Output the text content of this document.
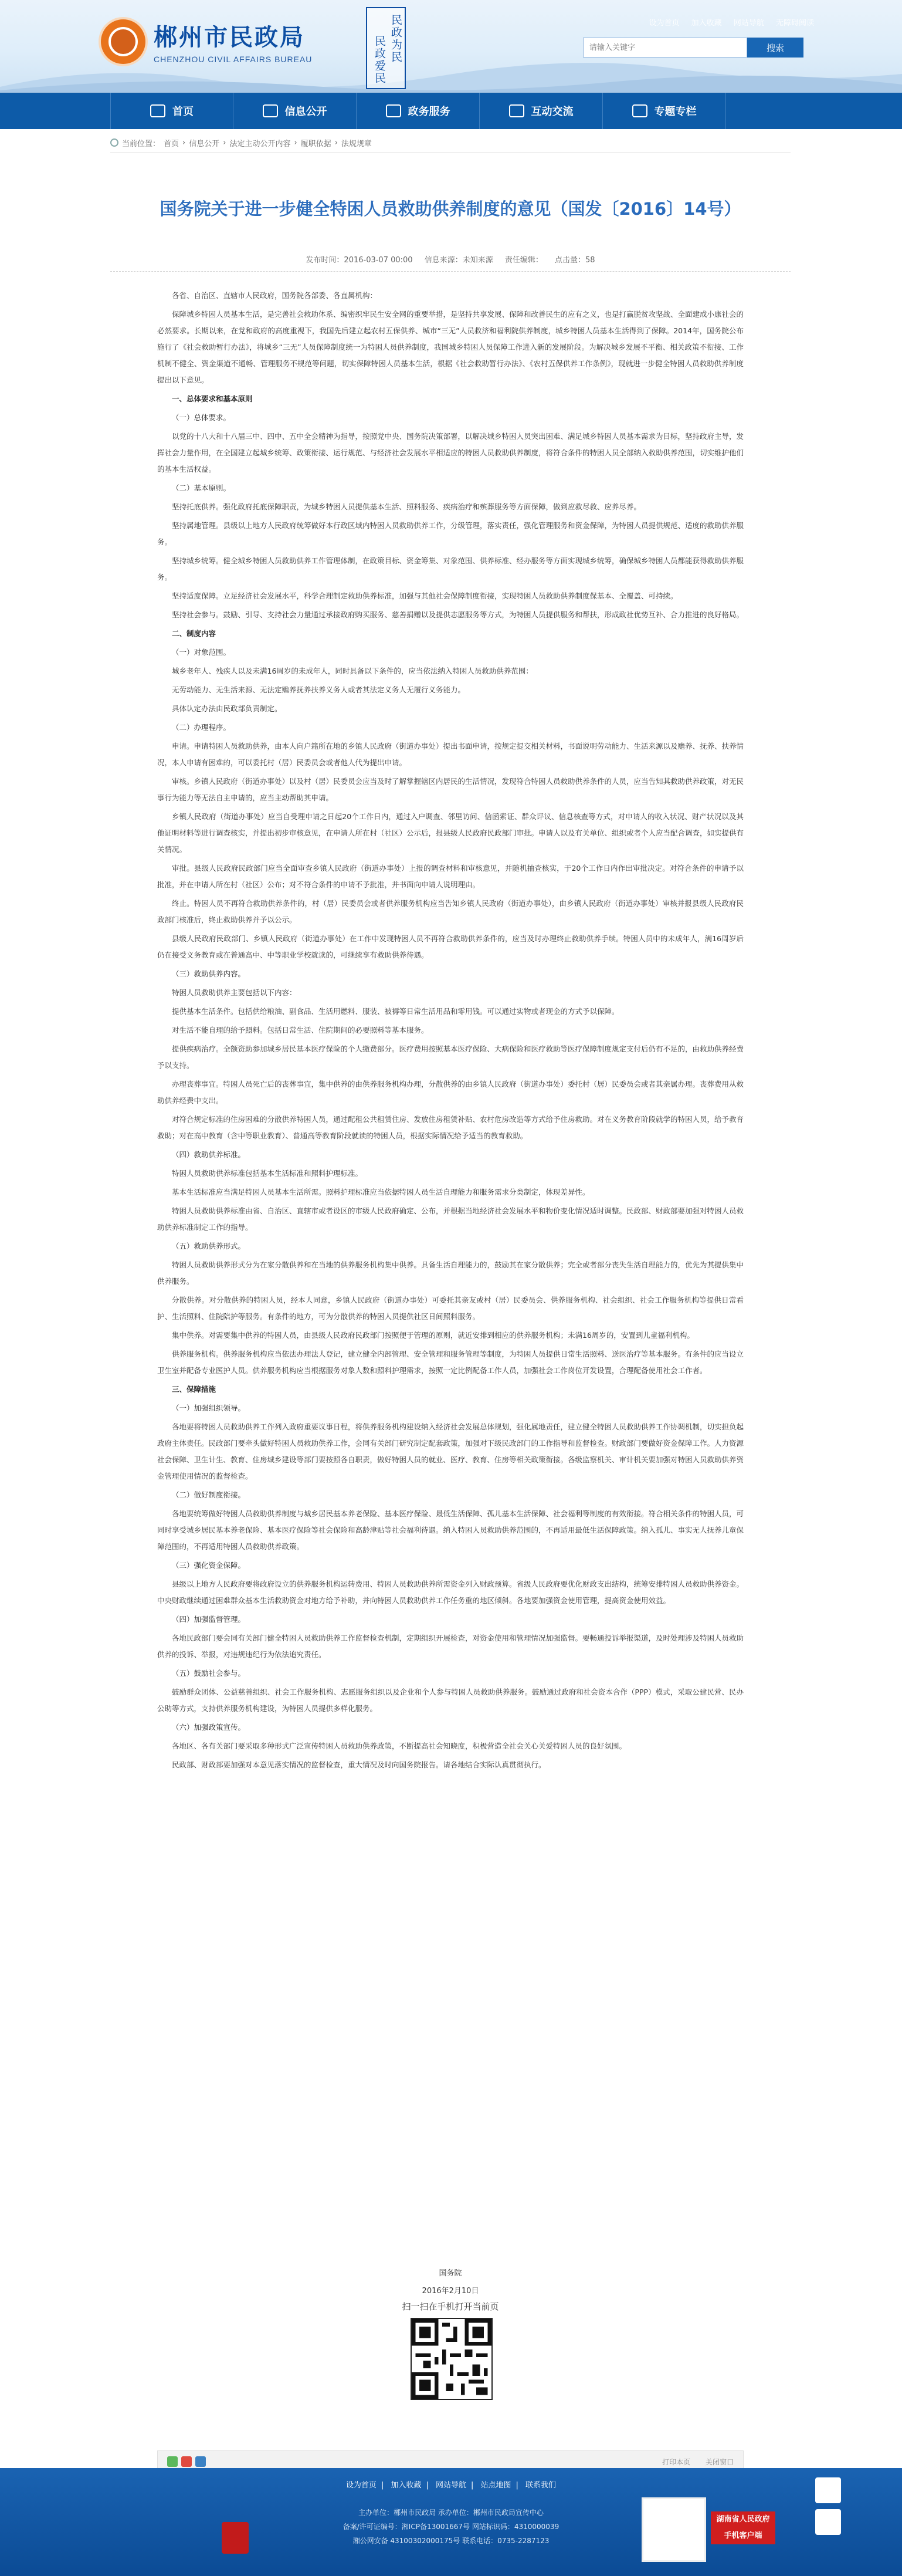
郴州市民政局
CHENZHOU CIVIL AFFAIRS BUREAU	民政为民
民政爱民
设为首页 加入收藏 网站导航 无障碍阅读
请输入关键字
搜索
首页	信息公开	政务服务	互动交流	专题专栏
当前位置： 首页 › 信息公开 › 法定主动公开内容 › 履职依据 › 法规规章
国务院关于进一步健全特困人员救助供养制度的意见（国发〔2016〕14号）
发布时间：2016-03-07 00:00 信息来源：未知来源 责任编辑： 点击量：58

各省、自治区、直辖市人民政府，国务院各部委、各直属机构：

保障城乡特困人员基本生活，是完善社会救助体系、编密织牢民生安全网的重要举措，是坚持共享发展、保障和改善民生的应有之义，也是打赢脱贫攻坚战、全面建成小康社会的必然要求。长期以来，在党和政府的高度重视下，我国先后建立起农村五保供养、城市“三无”人员救济和福利院供养制度，城乡特困人员基本生活得到了保障。2014年，国务院公布施行了《社会救助暂行办法》，将城乡“三无”人员保障制度统一为特困人员供养制度，我国城乡特困人员保障工作进入新的发展阶段。为解决城乡发展不平衡、相关政策不衔接、工作机制不健全、资金渠道不通畅、管理服务不规范等问题，切实保障特困人员基本生活，根据《社会救助暂行办法》、《农村五保供养工作条例》，现就进一步健全特困人员救助供养制度提出以下意见。

一、总体要求和基本原则

（一）总体要求。

以党的十八大和十八届三中、四中、五中全会精神为指导，按照党中央、国务院决策部署，以解决城乡特困人员突出困难、满足城乡特困人员基本需求为目标，坚持政府主导，发挥社会力量作用，在全国建立起城乡统筹、政策衔接、运行规范、与经济社会发展水平相适应的特困人员救助供养制度，将符合条件的特困人员全部纳入救助供养范围，切实维护他们的基本生活权益。

（二）基本原则。

坚持托底供养。强化政府托底保障职责，为城乡特困人员提供基本生活、照料服务、疾病治疗和殡葬服务等方面保障，做到应救尽救、应养尽养。

坚持属地管理。县级以上地方人民政府统筹做好本行政区域内特困人员救助供养工作，分级管理，落实责任，强化管理服务和资金保障，为特困人员提供规范、适度的救助供养服务。

坚持城乡统筹。健全城乡特困人员救助供养工作管理体制，在政策目标、资金筹集、对象范围、供养标准、经办服务等方面实现城乡统筹，确保城乡特困人员都能获得救助供养服务。

坚持适度保障。立足经济社会发展水平，科学合理制定救助供养标准，加强与其他社会保障制度衔接，实现特困人员救助供养制度保基本、全覆盖、可持续。

坚持社会参与。鼓励、引导、支持社会力量通过承接政府购买服务、慈善捐赠以及提供志愿服务等方式，为特困人员提供服务和帮扶，形成政社优势互补、合力推进的良好格局。

二、制度内容

（一）对象范围。

城乡老年人、残疾人以及未满16周岁的未成年人，同时具备以下条件的，应当依法纳入特困人员救助供养范围：

无劳动能力、无生活来源、无法定赡养抚养扶养义务人或者其法定义务人无履行义务能力。

具体认定办法由民政部负责制定。

（二）办理程序。

申请。申请特困人员救助供养，由本人向户籍所在地的乡镇人民政府（街道办事处）提出书面申请，按规定提交相关材料，书面说明劳动能力、生活来源以及赡养、抚养、扶养情况，本人申请有困难的，可以委托村（居）民委员会或者他人代为提出申请。

审核。乡镇人民政府（街道办事处）以及村（居）民委员会应当及时了解掌握辖区内居民的生活情况，发现符合特困人员救助供养条件的人员，应当告知其救助供养政策，对无民事行为能力等无法自主申请的，应当主动帮助其申请。

乡镇人民政府（街道办事处）应当自受理申请之日起20个工作日内，通过入户调查、邻里访问、信函索证、群众评议、信息核查等方式，对申请人的收入状况、财产状况以及其他证明材料等进行调查核实，并提出初步审核意见，在申请人所在村（社区）公示后，报县级人民政府民政部门审批。申请人以及有关单位、组织或者个人应当配合调查，如实提供有关情况。

审批。县级人民政府民政部门应当全面审查乡镇人民政府（街道办事处）上报的调查材料和审核意见，并随机抽查核实，于20个工作日内作出审批决定。对符合条件的申请予以批准，并在申请人所在村（社区）公布；对不符合条件的申请不予批准，并书面向申请人说明理由。

终止。特困人员不再符合救助供养条件的，村（居）民委员会或者供养服务机构应当告知乡镇人民政府（街道办事处），由乡镇人民政府（街道办事处）审核并报县级人民政府民政部门核准后，终止救助供养并予以公示。

县级人民政府民政部门、乡镇人民政府（街道办事处）在工作中发现特困人员不再符合救助供养条件的，应当及时办理终止救助供养手续。特困人员中的未成年人，满16周岁后仍在接受义务教育或在普通高中、中等职业学校就读的，可继续享有救助供养待遇。

（三）救助供养内容。

特困人员救助供养主要包括以下内容：

提供基本生活条件。包括供给粮油、副食品、生活用燃料、服装、被褥等日常生活用品和零用钱。可以通过实物或者现金的方式予以保障。

对生活不能自理的给予照料。包括日常生活、住院期间的必要照料等基本服务。

提供疾病治疗。全额资助参加城乡居民基本医疗保险的个人缴费部分。医疗费用按照基本医疗保险、大病保险和医疗救助等医疗保障制度规定支付后仍有不足的，由救助供养经费予以支持。

办理丧葬事宜。特困人员死亡后的丧葬事宜，集中供养的由供养服务机构办理，分散供养的由乡镇人民政府（街道办事处）委托村（居）民委员会或者其亲属办理。丧葬费用从救助供养经费中支出。

对符合规定标准的住房困难的分散供养特困人员，通过配租公共租赁住房、发放住房租赁补贴、农村危房改造等方式给予住房救助。对在义务教育阶段就学的特困人员，给予教育救助；对在高中教育（含中等职业教育）、普通高等教育阶段就读的特困人员，根据实际情况给予适当的教育救助。

（四）救助供养标准。

特困人员救助供养标准包括基本生活标准和照料护理标准。

基本生活标准应当满足特困人员基本生活所需。照料护理标准应当依据特困人员生活自理能力和服务需求分类制定，体现差异性。

特困人员救助供养标准由省、自治区、直辖市或者设区的市级人民政府确定、公布，并根据当地经济社会发展水平和物价变化情况适时调整。民政部、财政部要加强对特困人员救助供养标准制定工作的指导。

（五）救助供养形式。

特困人员救助供养形式分为在家分散供养和在当地的供养服务机构集中供养。具备生活自理能力的，鼓励其在家分散供养；完全或者部分丧失生活自理能力的，优先为其提供集中供养服务。

分散供养。对分散供养的特困人员，经本人同意，乡镇人民政府（街道办事处）可委托其亲友或村（居）民委员会、供养服务机构、社会组织、社会工作服务机构等提供日常看护、生活照料、住院陪护等服务。有条件的地方，可为分散供养的特困人员提供社区日间照料服务。

集中供养。对需要集中供养的特困人员，由县级人民政府民政部门按照便于管理的原则，就近安排到相应的供养服务机构；未满16周岁的，安置到儿童福利机构。

供养服务机构。供养服务机构应当依法办理法人登记，建立健全内部管理、安全管理和服务管理等制度，为特困人员提供日常生活照料、送医治疗等基本服务。有条件的应当设立卫生室并配备专业医护人员。供养服务机构应当根据服务对象人数和照料护理需求，按照一定比例配备工作人员，加强社会工作岗位开发设置，合理配备使用社会工作者。

三、保障措施

（一）加强组织领导。

各地要将特困人员救助供养工作列入政府重要议事日程，将供养服务机构建设纳入经济社会发展总体规划，强化属地责任，建立健全特困人员救助供养工作协调机制，切实担负起政府主体责任。民政部门要牵头做好特困人员救助供养工作，会同有关部门研究制定配套政策，加强对下级民政部门的工作指导和监督检查。财政部门要做好资金保障工作。人力资源社会保障、卫生计生、教育、住房城乡建设等部门要按照各自职责，做好特困人员的就业、医疗、教育、住房等相关政策衔接。各级监察机关、审计机关要加强对特困人员救助供养资金管理使用情况的监督检查。

（二）做好制度衔接。

各地要统筹做好特困人员救助供养制度与城乡居民基本养老保险、基本医疗保险、最低生活保障、孤儿基本生活保障、社会福利等制度的有效衔接。符合相关条件的特困人员，可同时享受城乡居民基本养老保险、基本医疗保险等社会保险和高龄津贴等社会福利待遇。纳入特困人员救助供养范围的，不再适用最低生活保障政策。纳入孤儿、事实无人抚养儿童保障范围的，不再适用特困人员救助供养政策。

（三）强化资金保障。

县级以上地方人民政府要将政府设立的供养服务机构运转费用、特困人员救助供养所需资金列入财政预算。省级人民政府要优化财政支出结构，统筹安排特困人员救助供养资金。中央财政继续通过困难群众基本生活救助资金对地方给予补助，并向特困人员救助供养工作任务重的地区倾斜。各地要加强资金使用管理，提高资金使用效益。

（四）加强监督管理。

各地民政部门要会同有关部门健全特困人员救助供养工作监督检查机制，定期组织开展检查，对资金使用和管理情况加强监督。要畅通投诉举报渠道，及时处理涉及特困人员救助供养的投诉、举报，对违规违纪行为依法追究责任。

（五）鼓励社会参与。

鼓励群众团体、公益慈善组织、社会工作服务机构、志愿服务组织以及企业和个人参与特困人员救助供养服务。鼓励通过政府和社会资本合作（PPP）模式，采取公建民营、民办公助等方式，支持供养服务机构建设，为特困人员提供多样化服务。

（六）加强政策宣传。

各地区、各有关部门要采取多种形式广泛宣传特困人员救助供养政策，不断提高社会知晓度，积极营造全社会关心关爱特困人员的良好氛围。

民政部、财政部要加强对本意见落实情况的监督检查，重大情况及时向国务院报告。请各地结合实际认真贯彻执行。

国务院
2016年2月10日
扫一扫在手机打开当前页
打印本页 关闭窗口
设为首页 | 加入收藏 | 网站导航 | 站点地图 | 联系我们
主办单位：郴州市民政局 承办单位：郴州市民政局宣传中心
备案/许可证编号：湘ICP备13001667号 网站标识码：4310000039
湘公网安备 43100302000175号 联系电话：0735-2287123
湖南省人民政府
手机客户端
